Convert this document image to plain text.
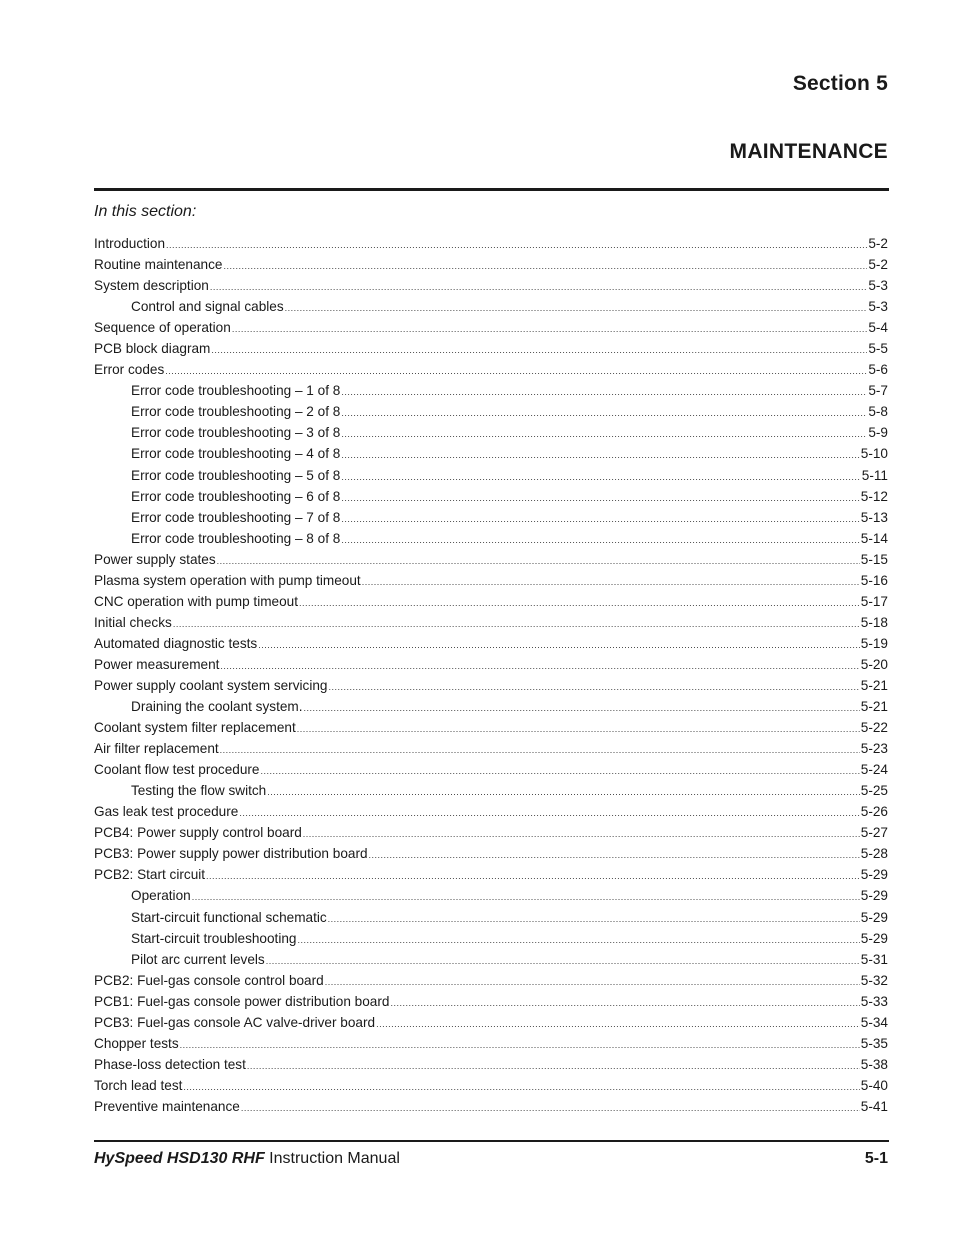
Section 5
MAINTENANCE
In this section:
Introduction .....	5-2
Routine maintenance .....	5-2
System description .....	5-3
Control and signal cables .....	5-3
Sequence of operation .....	5-4
PCB block diagram .....	5-5
Error codes .....	5-6
Error code troubleshooting – 1 of 8 .....	5-7
Error code troubleshooting – 2 of 8 .....	5-8
Error code troubleshooting – 3 of 8 .....	5-9
Error code troubleshooting – 4 of 8 .....	5-10
Error code troubleshooting – 5 of 8 .....	5-11
Error code troubleshooting – 6 of 8 .....	5-12
Error code troubleshooting – 7 of 8 .....	5-13
Error code troubleshooting – 8 of 8 .....	5-14
Power supply states .....	5-15
Plasma system operation with pump timeout .....	5-16
CNC operation with pump timeout .....	5-17
Initial checks .....	5-18
Automated diagnostic tests .....	5-19
Power measurement .....	5-20
Power supply coolant system servicing .....	5-21
Draining the coolant system. .....	5-21
Coolant system filter replacement .....	5-22
Air filter replacement .....	5-23
Coolant flow test procedure .....	5-24
Testing the flow switch .....	5-25
Gas leak test procedure .....	5-26
PCB4: Power supply control board .....	5-27
PCB3: Power supply power distribution board .....	5-28
PCB2: Start circuit .....	5-29
Operation .....	5-29
Start-circuit functional schematic .....	5-29
Start-circuit troubleshooting .....	5-29
Pilot arc current levels .....	5-31
PCB2: Fuel-gas console control board .....	5-32
PCB1: Fuel-gas console power distribution board .....	5-33
PCB3: Fuel-gas console AC valve-driver board .....	5-34
Chopper tests .....	5-35
Phase-loss detection test .....	5-38
Torch lead test .....	5-40
Preventive maintenance .....	5-41
HySpeed HSD130 RHF Instruction Manual	5-1
